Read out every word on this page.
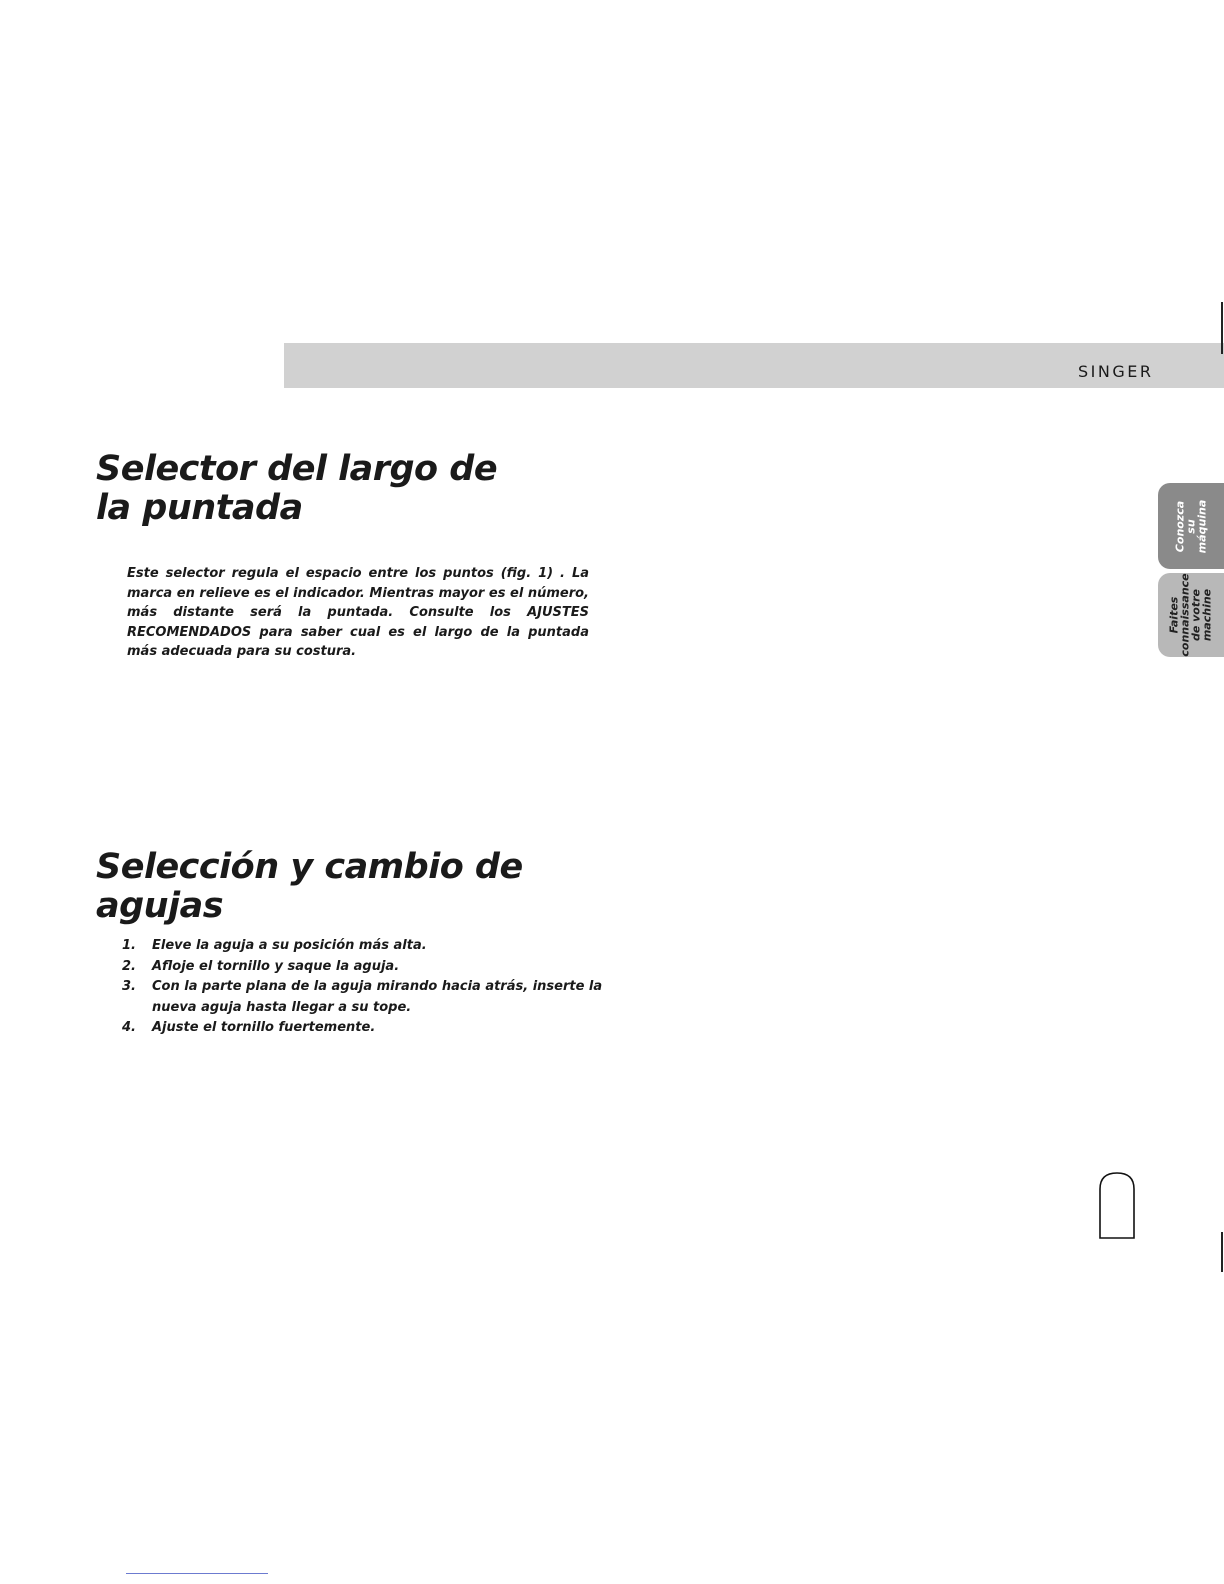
SINGER
Conozca
su
máquina
Faites
connaissance
de votre
machine
Selector del largo de
la puntada

Este selector regula el espacio entre los puntos (fig. 1) . La marca en relieve es el indicador. Mientras mayor es el número, más distante será la puntada. Consulte los AJUSTES RECOMENDADOS para saber cual es el largo de la puntada más adecuada para su costura.

Selección y cambio de
agujas
1.	Eleve la aguja a su posición más alta.
2.	Afloje el tornillo y saque la aguja.
3.	Con la parte plana de la aguja mirando hacia atrás, inserte la nueva aguja hasta llegar a su tope.
4.	Ajuste el tornillo fuertemente.
